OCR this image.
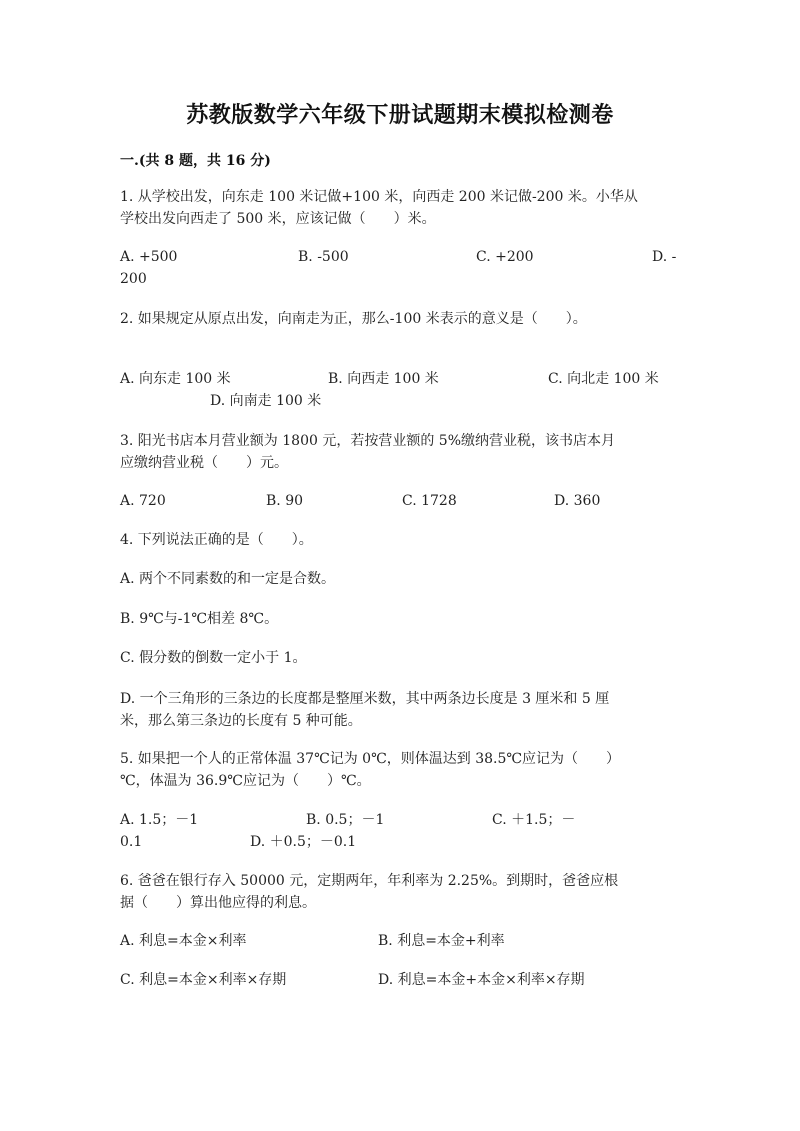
苏教版数学六年级下册试题期末模拟检测卷
一.(共 8 题，共 16 分)
1. 从学校出发，向东走 100 米记做+100 米，向西走 200 米记做-200 米。小华从
学校出发向西走了 500 米，应该记做（　　）米。
A. +500	B. -500	C. +200	D. -
200
2. 如果规定从原点出发，向南走为正，那么-100 米表示的意义是（　　）。
A. 向东走 100 米	B. 向西走 100 米	C. 向北走 100 米
D. 向南走 100 米
3. 阳光书店本月营业额为 1800 元，若按营业额的 5%缴纳营业税，该书店本月
应缴纳营业税（　　）元。
A. 720	B. 90	C. 1728	D. 360
4. 下列说法正确的是（　　）。
A. 两个不同素数的和一定是合数。
B. 9℃与-1℃相差 8℃。
C. 假分数的倒数一定小于 1。
D. 一个三角形的三条边的长度都是整厘米数，其中两条边长度是 3 厘米和 5 厘
米，那么第三条边的长度有 5 种可能。
5. 如果把一个人的正常体温 37℃记为 0℃，则体温达到 38.5℃应记为（　　）
℃，体温为 36.9℃应记为（　　）℃。
A. 1.5；－1	B. 0.5；－1	C. ＋1.5；－
0.1	D. ＋0.5；－0.1
6. 爸爸在银行存入 50000 元，定期两年，年利率为 2.25%。到期时，爸爸应根
据（　　）算出他应得的利息。
A. 利息=本金×利率	B. 利息=本金+利率
C. 利息=本金×利率×存期	D. 利息=本金+本金×利率×存期
